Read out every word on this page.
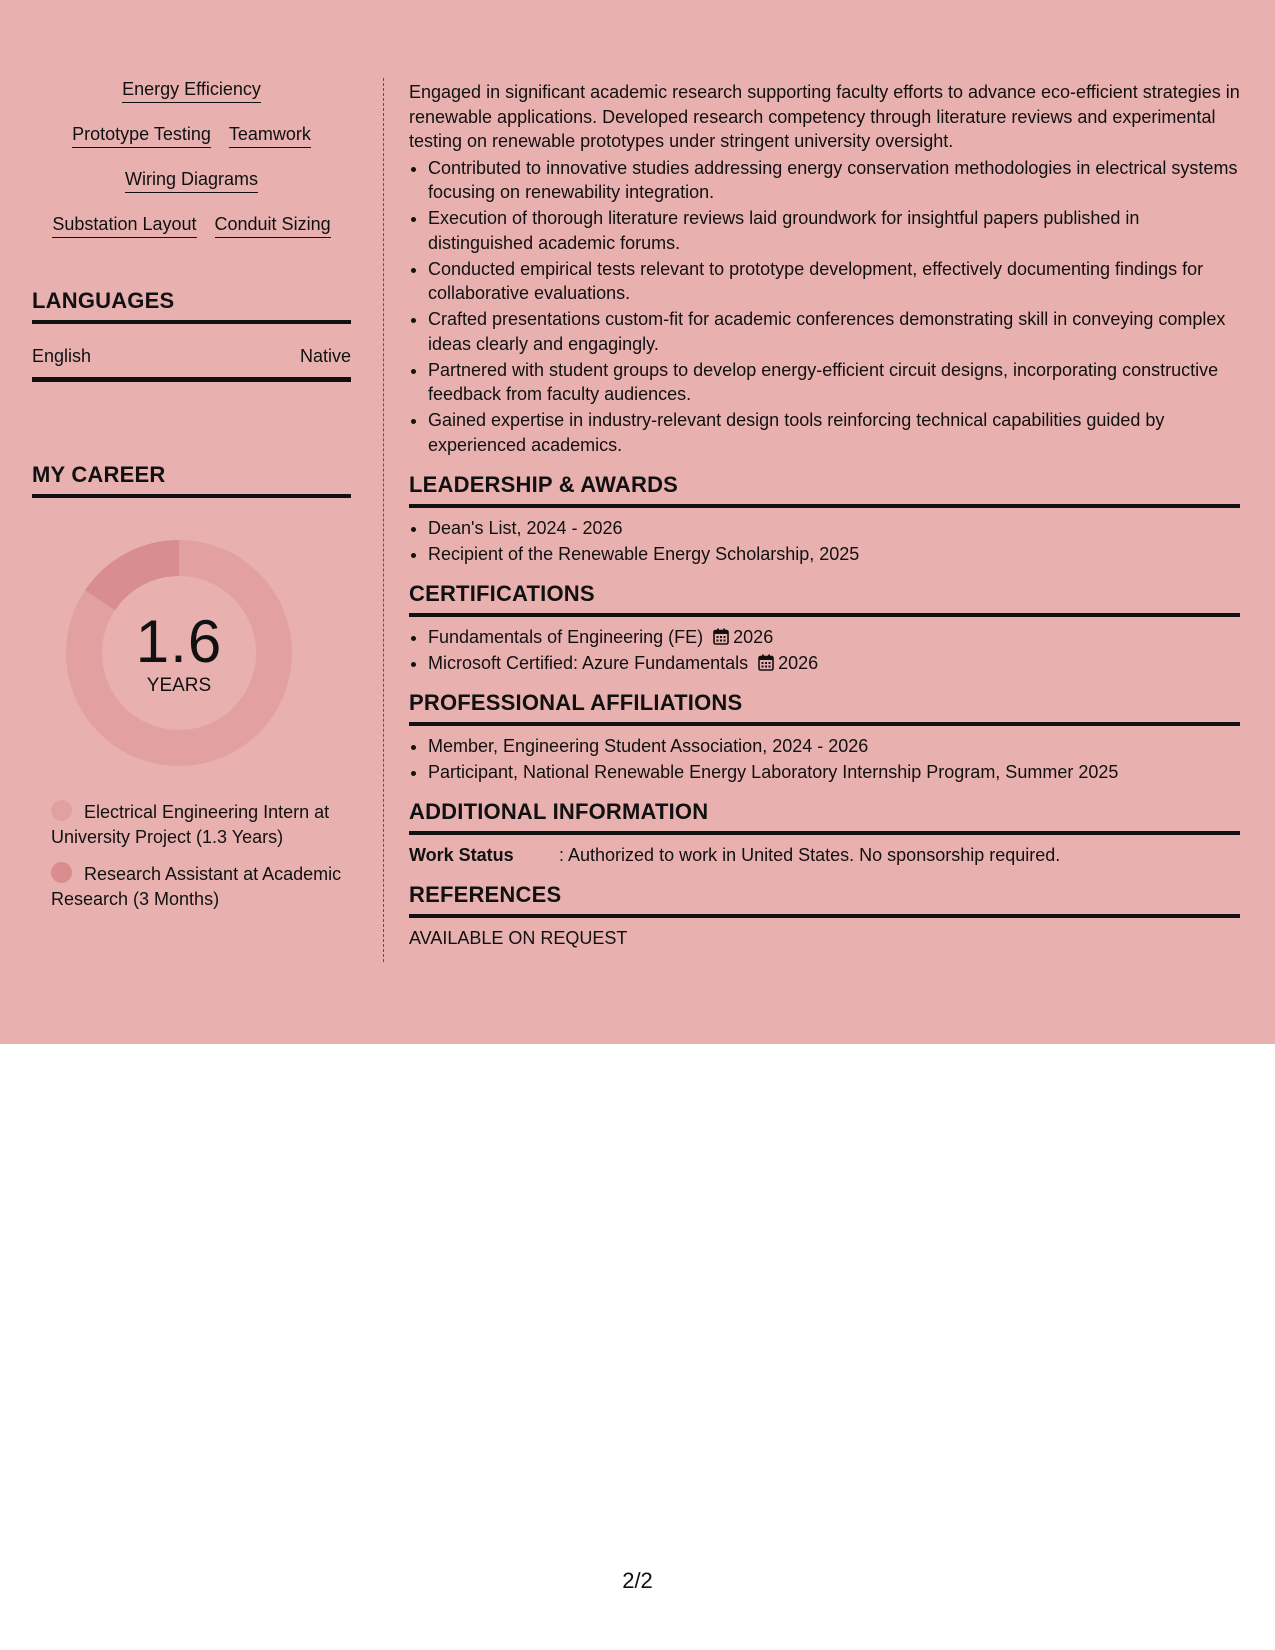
Energy Efficiency
Prototype Testing Teamwork
Wiring Diagrams
Substation Layout Conduit Sizing
LANGUAGES
English	Native
MY CAREER
1.6
YEARS
Electrical Engineering Intern at University Project (1.3 Years)
Research Assistant at Academic Research (3 Months)

Engaged in significant academic research supporting faculty efforts to advance eco-efficient strategies in renewable applications. Developed research competency through literature reviews and experimental testing on renewable prototypes under stringent university oversight.

• Contributed to innovative studies addressing energy conservation methodologies in electrical systems focusing on renewability integration.
• Execution of thorough literature reviews laid groundwork for insightful papers published in distinguished academic forums.
• Conducted empirical tests relevant to prototype development, effectively documenting findings for collaborative evaluations.
• Crafted presentations custom-fit for academic conferences demonstrating skill in conveying complex ideas clearly and engagingly.
• Partnered with student groups to develop energy-efficient circuit designs, incorporating constructive feedback from faculty audiences.
• Gained expertise in industry-relevant design tools reinforcing technical capabilities guided by experienced academics.
LEADERSHIP & AWARDS
• Dean's List, 2024 - 2026
• Recipient of the Renewable Energy Scholarship, 2025
CERTIFICATIONS
• Fundamentals of Engineering (FE) 2026
• Microsoft Certified: Azure Fundamentals 2026
PROFESSIONAL AFFILIATIONS
• Member, Engineering Student Association, 2024 - 2026
• Participant, National Renewable Energy Laboratory Internship Program, Summer 2025
ADDITIONAL INFORMATION
Work Status	: Authorized to work in United States. No sponsorship required.
REFERENCES
AVAILABLE ON REQUEST
2/2
